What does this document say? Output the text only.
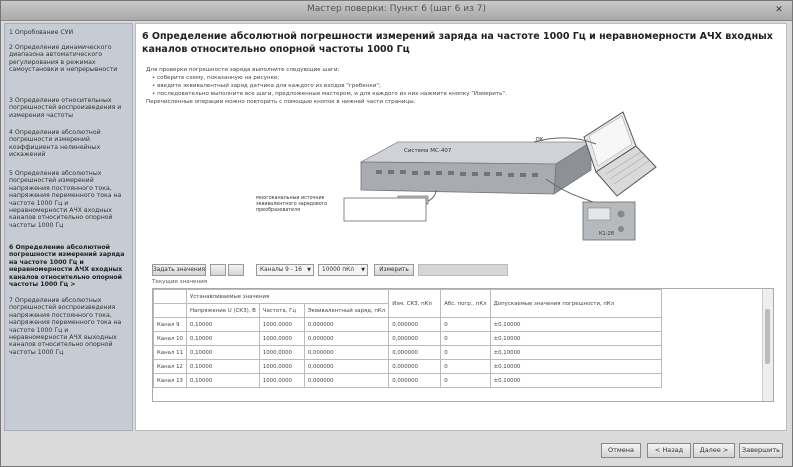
Мастер поверки: Пункт 6 (шаг 6 из 7)	✕
1 Опробование СУИ
2 Определение динамического диапазона автоматического регулирования в режимах самоустановки и непрерывности
3 Определение относительных погрешностей воспроизведения и измерения частоты
4 Определение абсолютной погрешности измерений коэффициента нелинейных искажений
5 Определение абсолютных погрешностей измерений напряжения постоянного тока, напряжения переменного тока на частоте 1000 Гц и неравномерности АЧХ входных каналов относительно опорной частоты 1000 Гц
6 Определение абсолютной погрешности измерений заряда на частоте 1000 Гц и неравномерности АЧХ входных каналов относительно опорной частоты 1000 Гц >
7 Определение абсолютных погрешностей воспроизведения напряжения постоянного тока, напряжения переменного тока на частоте 1000 Гц и неравномерности АЧХ выходных каналов относительно опорной частоты 1000 Гц
6 Определение абсолютной погрешности измерений заряда на частоте 1000 Гц и неравномерности АЧХ входных каналов относительно опорной частоты 1000 Гц
Для проверки погрешности заряда выполните следующие шаги:
• соберите схему, показанную на рисунке;
• введите эквивалентный заряд датчика для каждого из входов "гребенки";
• последовательно выполните все шаги, предложенные мастером, и для каждого из них нажмите кнопку "Измерить".
Перечисленные операции можно повторить с помощью кнопок в нижней части страницы.
Система MC-407
ПК
Многоканальный источник эквивалентного зарядового преобразователя
К1-28
Задать значения	Каналы 9 - 16 ▼	10000 пКл ▼	Измерить
Текущие значения
	Устанавливаемые значения			Изм. СКЗ, пКл	Абс. погр., пКл	Допускаемые значения погрешности, пКл
	Напряжение U (СКЗ), В	Частота, Гц	Эквивалентный заряд, пКл			
Канал 9	0,10000	1000,0000	0,000000	0,000000	0	±0,10000
Канал 10	0,10000	1000,0000	0,000000	0,000000	0	±0,10000
Канал 11	0,10000	1000,0000	0,000000	0,000000	0	±0,10000
Канал 12	0,10000	1000,0000	0,000000	0,000000	0	±0,10000
Канал 13	0,10000	1000,0000	0,000000	0,000000	0	±0,10000
Отмена	< Назад	Далее >	Завершить
